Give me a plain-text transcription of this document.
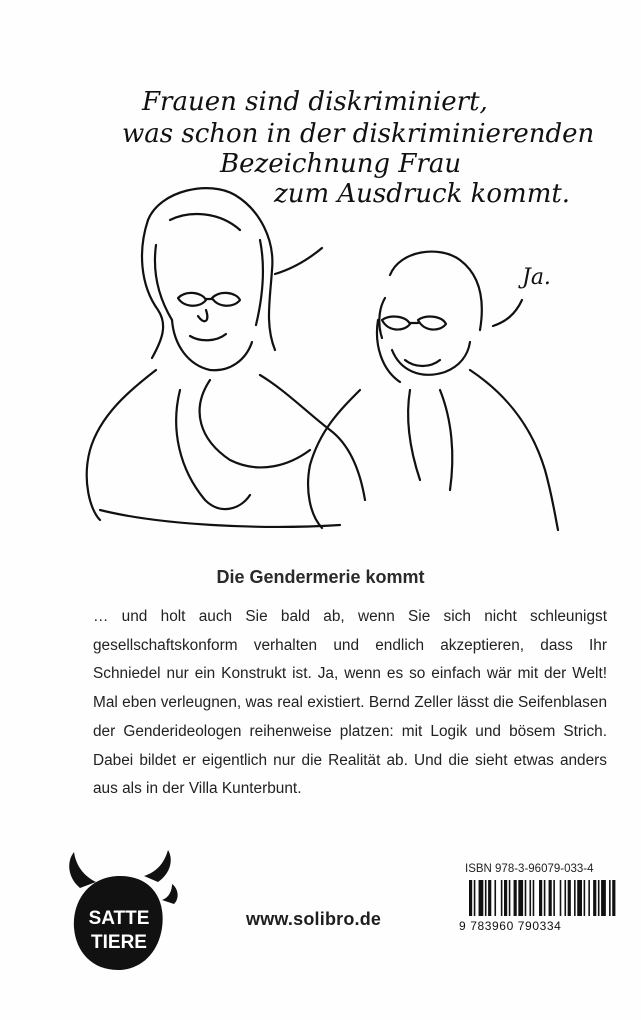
Frauen sind diskriminiert,
was schon in der diskriminierenden
Bezeichnung Frau
zum Ausdruck kommt.
Ja.
Die Gendermerie kommt

… und holt auch Sie bald ab, wenn Sie sich nicht schleunigst gesellschaftskonform verhalten und endlich akzeptieren, dass Ihr Schniedel nur ein Konstrukt ist. Ja, wenn es so einfach wär mit der Welt! Mal eben verleugnen, was real existiert. Bernd Zeller lässt die Seifenblasen der Genderideologen reihenweise platzen: mit Logik und bösem Strich. Dabei bildet er eigentlich nur die Realität ab. Und die sieht etwas anders aus als in der Villa Kunterbunt.

SATTE
TIERE
www.solibro.de
ISBN 978-3-96079-033-4
9 783960 790334
